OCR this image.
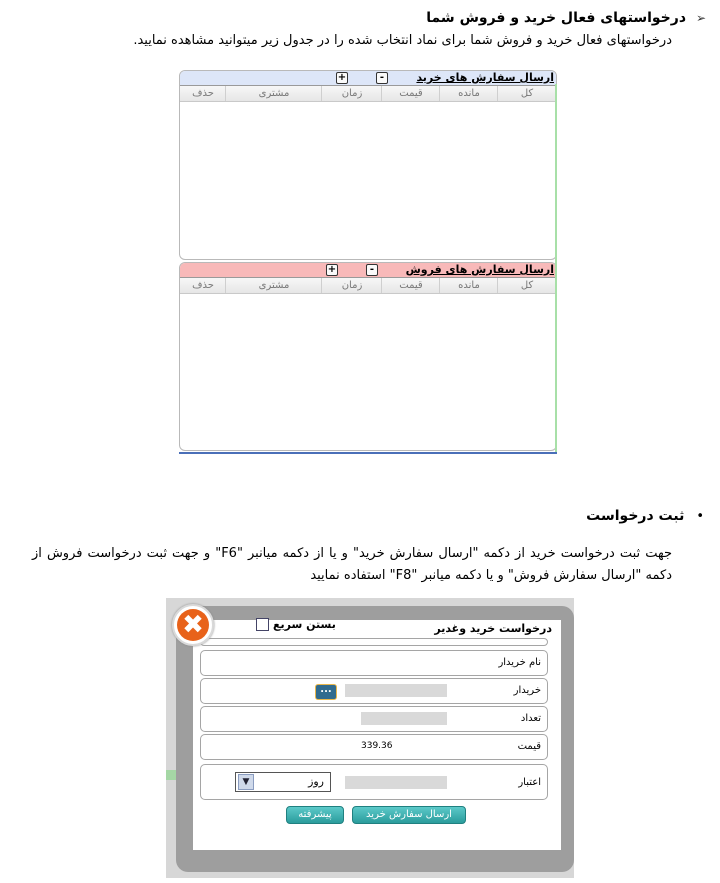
➢
درخواستهای فعال خرید و فروش شما
درخواستهای فعال خرید و فروش شما برای نماد انتخاب شده را در جدول زیر میتوانید مشاهده نمایید.
ارسال سفارش های خرید
-
+
کل
مانده
قیمت
زمان
مشتری
حذف
ارسال سفارش های فروش
-
+
کل
مانده
قیمت
زمان
مشتری
حذف
•
ثبت درخواست
جهت ثبت درخواست خرید از دکمه "ارسال سفارش خرید" و یا از دکمه میانبر "F6" و جهت ثبت درخواست فروش از دکمه "ارسال سفارش فروش" و یا دکمه میانبر "F8" استفاده نمایید
درخواست خرید وغدیر
بستن سریع
نام خریدار
خریدار
...
تعداد
قیمت
339.36
اعتبار
روز
▼
ارسال سفارش خرید
پیشرفته
✖
